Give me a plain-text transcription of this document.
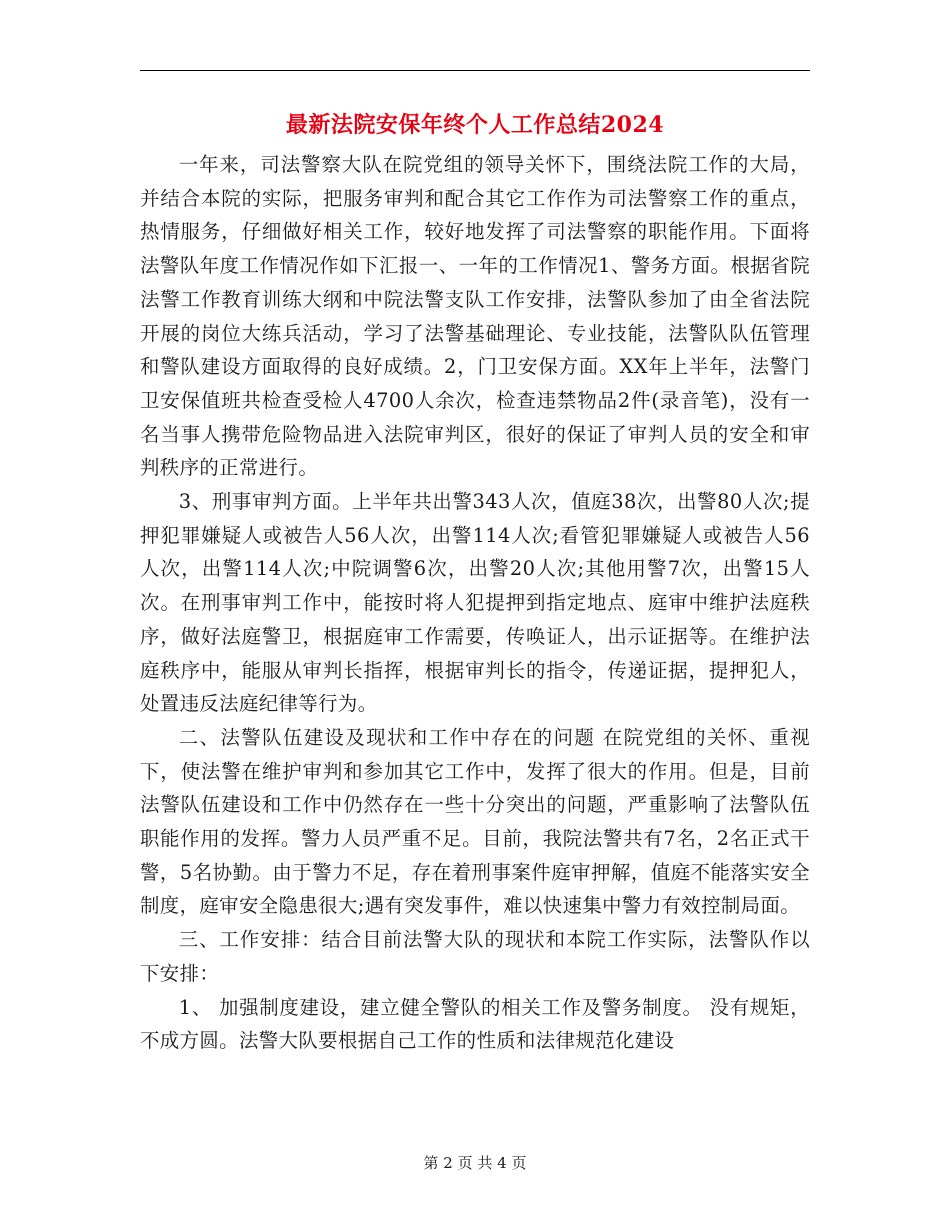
最新法院安保年终个人工作总结2024

一年来，司法警察大队在院党组的领导关怀下，围绕法院工作的大局，并结合本院的实际，把服务审判和配合其它工作作为司法警察工作的重点，热情服务，仔细做好相关工作，较好地发挥了司法警察的职能作用。下面将法警队年度工作情况作如下汇报一、一年的工作情况1、警务方面。根据省院法警工作教育训练大纲和中院法警支队工作安排，法警队参加了由全省法院开展的岗位大练兵活动，学习了法警基础理论、专业技能，法警队队伍管理和警队建设方面取得的良好成绩。2，门卫安保方面。XX年上半年，法警门卫安保值班共检查受检人4700人余次，检查违禁物品2件(录音笔)，没有一名当事人携带危险物品进入法院审判区，很好的保证了审判人员的安全和审判秩序的正常进行。

3、刑事审判方面。上半年共出警343人次，值庭38次，出警80人次;提押犯罪嫌疑人或被告人56人次，出警114人次;看管犯罪嫌疑人或被告人56 人次，出警114人次;中院调警6次，出警20人次;其他用警7次，出警15人次。在刑事审判工作中，能按时将人犯提押到指定地点、庭审中维护法庭秩序，做好法庭警卫，根据庭审工作需要，传唤证人，出示证据等。在维护法庭秩序中，能服从审判长指挥，根据审判长的指令，传递证据，提押犯人，处置违反法庭纪律等行为。

二、法警队伍建设及现状和工作中存在的问题 在院党组的关怀、重视下，使法警在维护审判和参加其它工作中，发挥了很大的作用。但是，目前法警队伍建设和工作中仍然存在一些十分突出的问题，严重影响了法警队伍职能作用的发挥。警力人员严重不足。目前，我院法警共有7名，2名正式干警，5名协勤。由于警力不足，存在着刑事案件庭审押解，值庭不能落实安全制度，庭审安全隐患很大;遇有突发事件，难以快速集中警力有效控制局面。

三、工作安排：结合目前法警大队的现状和本院工作实际，法警队作以下安排：

1、 加强制度建设，建立健全警队的相关工作及警务制度。 没有规矩，不成方圆。法警大队要根据自己工作的性质和法律规范化建设

第 2 页 共 4 页
